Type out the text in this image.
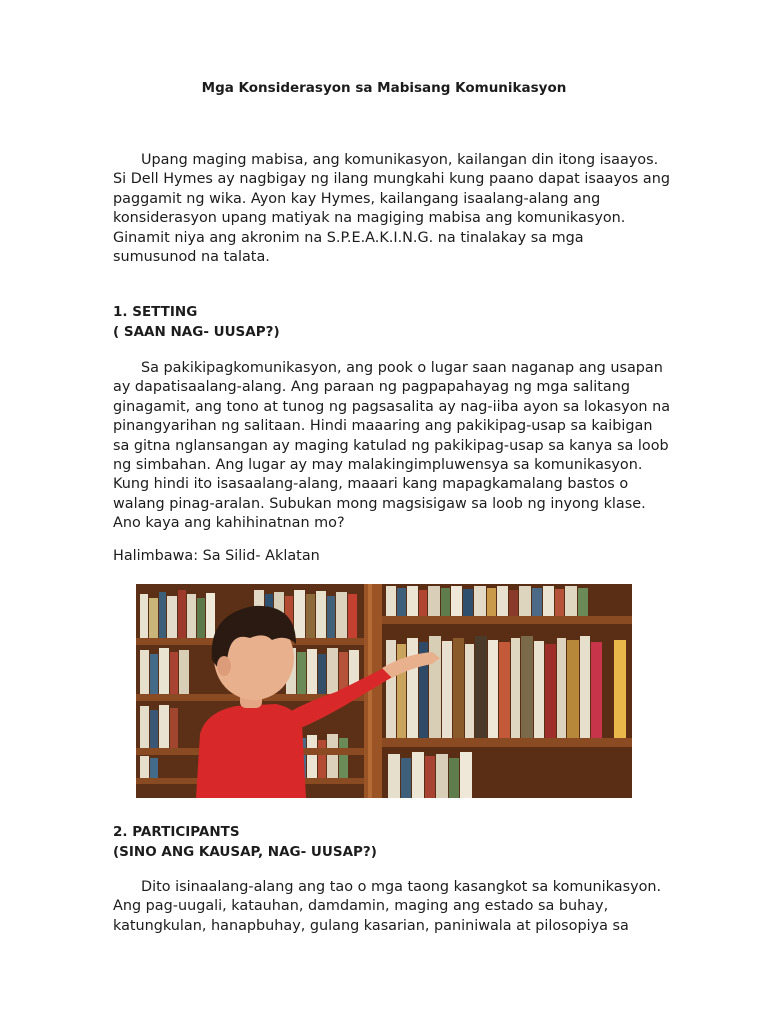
Mga Konsiderasyon sa Mabisang Komunikasyon

Upang maging mabisa, ang komunikasyon, kailangan din itong isaayos.
Si Dell Hymes ay nagbigay ng ilang mungkahi kung paano dapat isaayos ang
paggamit ng wika. Ayon kay Hymes, kailangang isaalang-alang ang
konsiderasyon upang matiyak na magiging mabisa ang komunikasyon.
Ginamit niya ang akronim na S.P.E.A.K.I.N.G. na tinalakay sa mga
sumusunod na talata.

1. SETTING
( SAAN NAG- UUSAP?)

Sa pakikipagkomunikasyon, ang pook o lugar saan naganap ang usapan
ay dapatisaalang-alang. Ang paraan ng pagpapahayag ng mga salitang
ginagamit, ang tono at tunog ng pagsasalita ay nag-iiba ayon sa lokasyon na
pinangyarihan ng salitaan. Hindi maaaring ang pakikipag-usap sa kaibigan
sa gitna nglansangan ay maging katulad ng pakikipag-usap sa kanya sa loob
ng simbahan. Ang lugar ay may malakingimpluwensya sa komunikasyon.
Kung hindi ito isasaalang-alang, maaari kang mapagkamalang bastos o
walang pinag-aralan. Subukan mong magsisigaw sa loob ng inyong klase.
Ano kaya ang kahihinatnan mo?

Halimbawa: Sa Silid- Aklatan
2. PARTICIPANTS
(SINO ANG KAUSAP, NAG- UUSAP?)

Dito isinaalang-alang ang tao o mga taong kasangkot sa komunikasyon.
Ang pag-uugali, katauhan, damdamin, maging ang estado sa buhay,
katungkulan, hanapbuhay, gulang kasarian, paniniwala at pilosopiya sa
